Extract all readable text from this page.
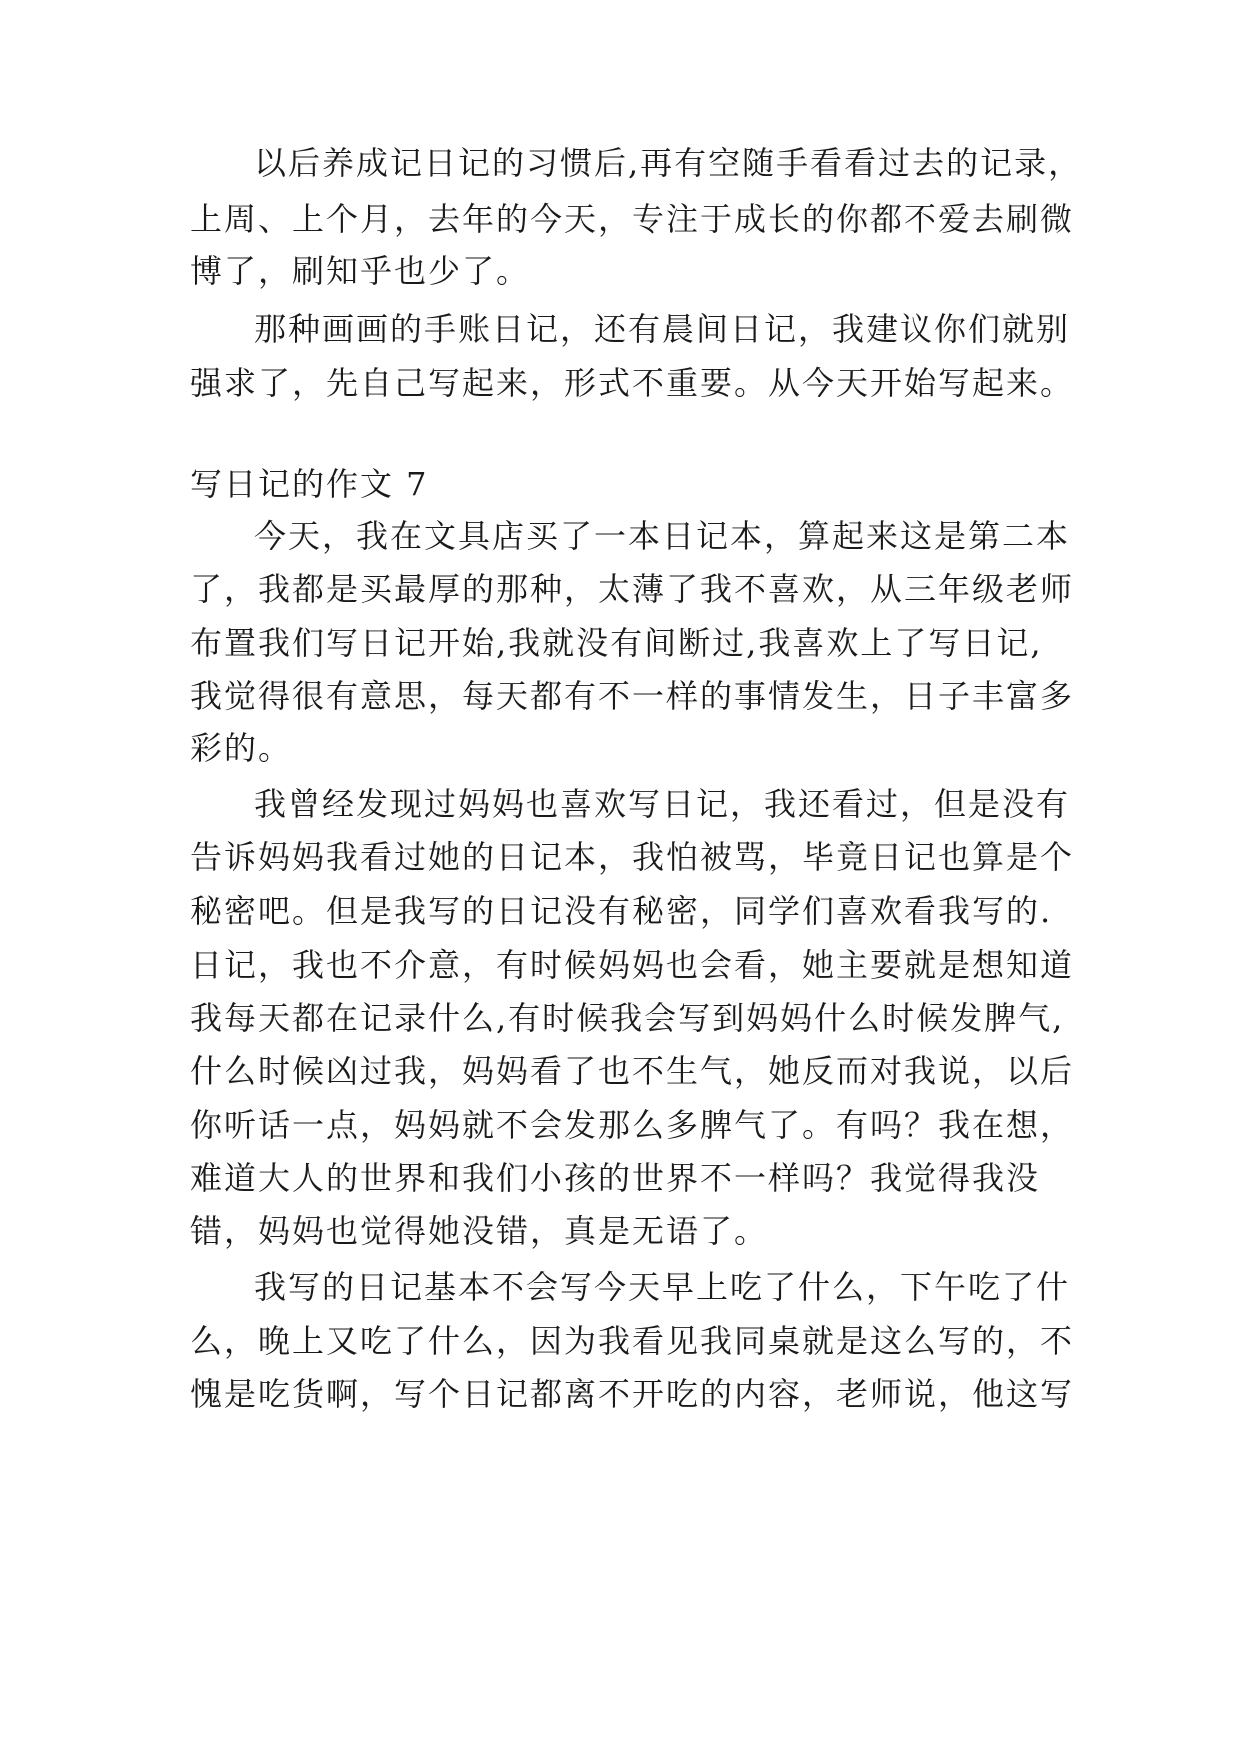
以后养成记日记的习惯后,再有空随手看看过去的记录，
上周、上个月，去年的今天，专注于成长的你都不爱去刷微
博了，刷知乎也少了。
那种画画的手账日记，还有晨间日记，我建议你们就别
强求了，先自己写起来，形式不重要。从今天开始写起来。
写日记的作文 7
今天，我在文具店买了一本日记本，算起来这是第二本
了，我都是买最厚的那种，太薄了我不喜欢，从三年级老师
布置我们写日记开始,我就没有间断过,我喜欢上了写日记,
我觉得很有意思，每天都有不一样的事情发生，日子丰富多
彩的。
我曾经发现过妈妈也喜欢写日记，我还看过，但是没有
告诉妈妈我看过她的日记本，我怕被骂，毕竟日记也算是个
秘密吧。但是我写的日记没有秘密，同学们喜欢看我写的.
日记，我也不介意，有时候妈妈也会看，她主要就是想知道
我每天都在记录什么,有时候我会写到妈妈什么时候发脾气,
什么时候凶过我，妈妈看了也不生气，她反而对我说，以后
你听话一点，妈妈就不会发那么多脾气了。有吗？我在想，
难道大人的世界和我们小孩的世界不一样吗？我觉得我没
错，妈妈也觉得她没错，真是无语了。
我写的日记基本不会写今天早上吃了什么，下午吃了什
么，晚上又吃了什么，因为我看见我同桌就是这么写的，不
愧是吃货啊，写个日记都离不开吃的内容，老师说，他这写
